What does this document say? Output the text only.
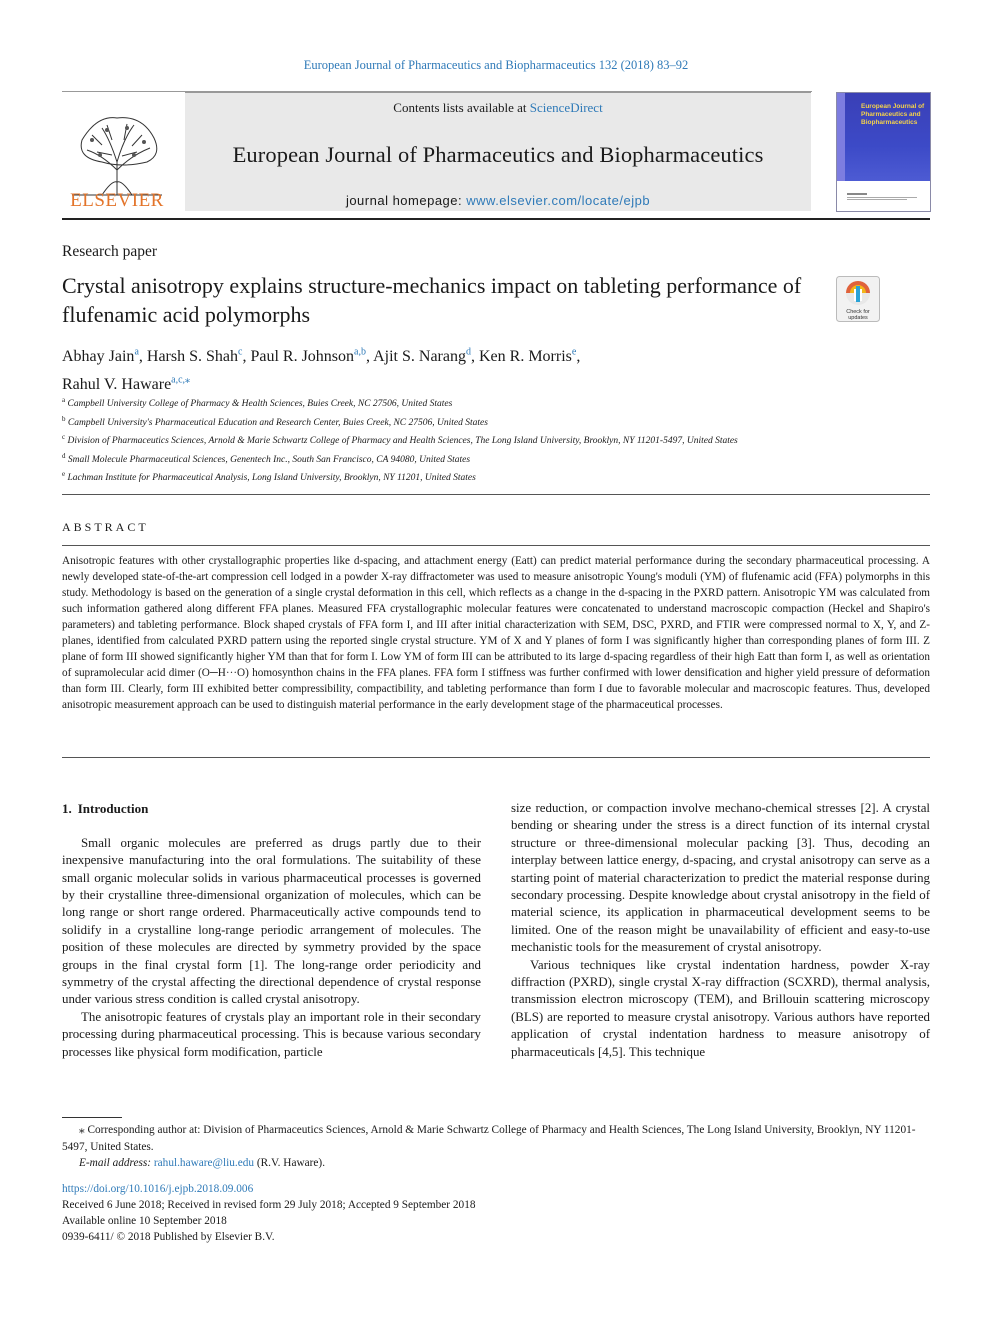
European Journal of Pharmaceutics and Biopharmaceutics 132 (2018) 83–92
ELSEVIER
Contents lists available at ScienceDirect
European Journal of Pharmaceutics and Biopharmaceutics
journal homepage: www.elsevier.com/locate/ejpb
European Journal of Pharmaceutics and Biopharmaceutics
Research paper
Crystal anisotropy explains structure-mechanics impact on tableting performance of flufenamic acid polymorphs	Check for
updates
Abhay Jain$^a$, Harsh S. Shah$^c$, Paul R. Johnson$^{a,b}$, Ajit S. Narang$^d$, Ken R. Morris$^e$,
Rahul V. Haware$^{a,c,⁎}$
$^a$ Campbell University College of Pharmacy & Health Sciences, Buies Creek, NC 27506, United States
$^b$ Campbell University's Pharmaceutical Education and Research Center, Buies Creek, NC 27506, United States
$^c$ Division of Pharmaceutics Sciences, Arnold & Marie Schwartz College of Pharmacy and Health Sciences, The Long Island University, Brooklyn, NY 11201-5497, United States
$^d$ Small Molecule Pharmaceutical Sciences, Genentech Inc., South San Francisco, CA 94080, United States
$^e$ Lachman Institute for Pharmaceutical Analysis, Long Island University, Brooklyn, NY 11201, United States
ABSTRACT
Anisotropic features with other crystallographic properties like d-spacing, and attachment energy (Eatt) can predict material performance during the secondary pharmaceutical processing. A newly developed state-of-the-art compression cell lodged in a powder X-ray diffractometer was used to measure anisotropic Young's moduli (YM) of flufenamic acid (FFA) polymorphs in this study. Methodology is based on the generation of a single crystal deformation in this cell, which reflects as a change in the d-spacing in the PXRD pattern. Anisotropic YM was calculated from such information gathered along different FFA planes. Measured FFA crystallographic molecular features were concatenated to understand macroscopic compaction (Heckel and Shapiro's parameters) and tableting performance. Block shaped crystals of FFA form I, and III after initial characterization with SEM, DSC, PXRD, and FTIR were compressed normal to X, Y, and Z-planes, identified from calculated PXRD pattern using the reported single crystal structure. YM of X and Y planes of form I was significantly higher than corresponding planes of form III. Z plane of form III showed significantly higher YM than that for form I. Low YM of form III can be attributed to its large d-spacing regardless of their high Eatt than form I, as well as orientation of supramolecular acid dimer (O─H···O) homosynthon chains in the FFA planes. FFA form I stiffness was further confirmed with lower densification and higher yield pressure of deformation than form III. Clearly, form III exhibited better compressibility, compactibility, and tableting performance than form I due to favorable molecular and macroscopic features. Thus, developed anisotropic measurement approach can be used to distinguish material performance in the early development stage of the pharmaceutical processes.
1. Introduction

Small organic molecules are preferred as drugs partly due to their inexpensive manufacturing into the oral formulations. The suitability of these small organic molecular solids in various pharmaceutical processes is governed by their crystalline three-dimensional organization of molecules, which can be long range or short range ordered. Pharmaceutically active compounds tend to solidify in a crystalline long-range periodic arrangement of molecules. The position of these molecules are directed by symmetry provided by the space groups in the final crystal form [1]. The long-range order periodicity and symmetry of the crystal affecting the directional dependence of crystal response under various stress condition is called crystal anisotropy.

The anisotropic features of crystals play an important role in their secondary processing during pharmaceutical processing. This is because various secondary processes like physical form modification, particle

size reduction, or compaction involve mechano-chemical stresses [2]. A crystal bending or shearing under the stress is a direct function of its internal crystal structure or three-dimensional molecular packing [3]. Thus, decoding an interplay between lattice energy, d-spacing, and crystal anisotropy can serve as a starting point of material characterization to predict the material response during secondary processing. Despite knowledge about crystal anisotropy in the field of material science, its application in pharmaceutical development seems to be limited. One of the reason might be unavailability of efficient and easy-to-use mechanistic tools for the measurement of crystal anisotropy.

Various techniques like crystal indentation hardness, powder X-ray diffraction (PXRD), single crystal X-ray diffraction (SCXRD), thermal analysis, transmission electron microscopy (TEM), and Brillouin scattering microscopy (BLS) are reported to measure crystal anisotropy. Various authors have reported application of crystal indentation hardness to measure anisotropy of pharmaceuticals [4,5]. This technique

⁎ Corresponding author at: Division of Pharmaceutics Sciences, Arnold & Marie Schwartz College of Pharmacy and Health Sciences, The Long Island University, Brooklyn, NY 11201-5497, United States.
E-mail address: rahul.haware@liu.edu (R.V. Haware).
https://doi.org/10.1016/j.ejpb.2018.09.006
Received 6 June 2018; Received in revised form 29 July 2018; Accepted 9 September 2018
Available online 10 September 2018
0939-6411/ © 2018 Published by Elsevier B.V.
